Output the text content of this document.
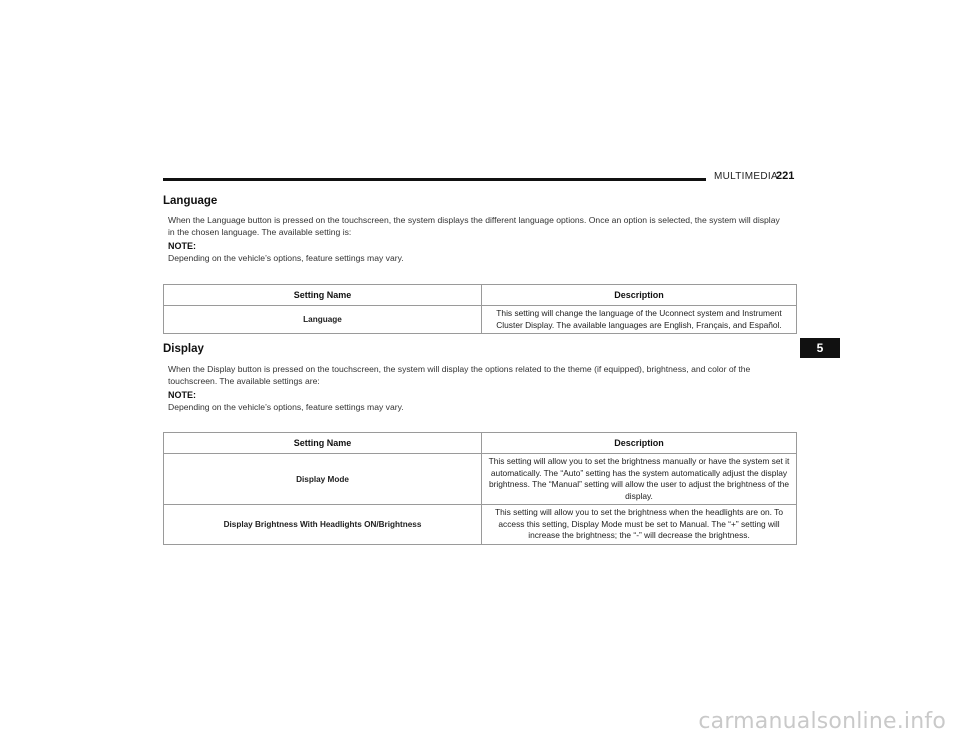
MULTIMEDIA
221
5
Language

When the Language button is pressed on the touchscreen, the system displays the different language options. Once an option is selected, the system will display in the chosen language. The available setting is:

NOTE:
Depending on the vehicle’s options, feature settings may vary.
Setting Name	Description
Language	This setting will change the language of the Uconnect system and Instrument Cluster Display. The available languages are English, Français, and Español.
Display

When the Display button is pressed on the touchscreen, the system will display the options related to the theme (if equipped), brightness, and color of the touchscreen. The available settings are:

NOTE:
Depending on the vehicle’s options, feature settings may vary.
Setting Name	Description
Display Mode	This setting will allow you to set the brightness manually or have the system set it automatically. The “Auto” setting has the system automatically adjust the display brightness. The “Manual” setting will allow the user to adjust the brightness of the display.
Display Brightness With Headlights ON/Brightness	This setting will allow you to set the brightness when the headlights are on. To access this setting, Display Mode must be set to Manual. The “+” setting will increase the brightness; the “-” will decrease the brightness.
carmanualsonline.info
